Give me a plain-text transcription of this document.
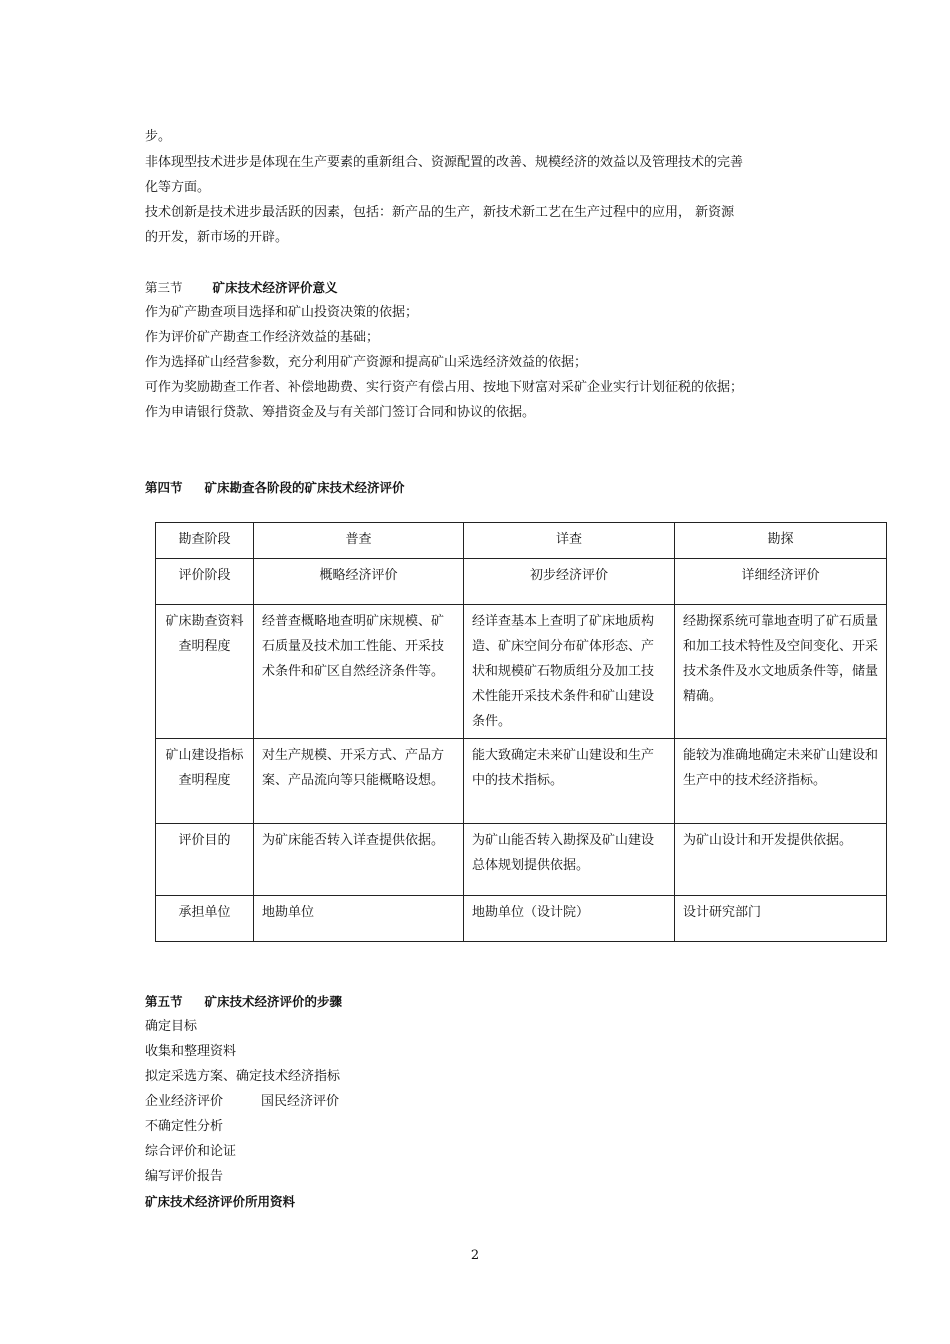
步。
非体现型技术进步是体现在生产要素的重新组合、资源配置的改善、规模经济的效益以及管理技术的完善
化等方面。
技术创新是技术进步最活跃的因素，包括：新产品的生产，新技术新工艺在生产过程中的应用， 新资源
的开发，新市场的开辟。
第三节 矿床技术经济评价意义
作为矿产勘查项目选择和矿山投资决策的依据；
作为评价矿产勘查工作经济效益的基础；
作为选择矿山经营参数，充分利用矿产资源和提高矿山采选经济效益的依据；
可作为奖励勘查工作者、补偿地勘费、实行资产有偿占用、按地下财富对采矿企业实行计划征税的依据；
作为申请银行贷款、筹措资金及与有关部门签订合同和协议的依据。
第四节 矿床勘查各阶段的矿床技术经济评价
勘查阶段	普查	详查	勘探
评价阶段	概略经济评价	初步经济评价	详细经济评价
矿床勘查资料查明程度	经普查概略地查明矿床规模、矿石质量及技术加工性能、开采技术条件和矿区自然经济条件等。	经详查基本上查明了矿床地质构造、矿床空间分布矿体形态、产状和规模矿石物质组分及加工技术性能开采技术条件和矿山建设条件。	经勘探系统可靠地查明了矿石质量和加工技术特性及空间变化、开采技术条件及水文地质条件等，储量精确。
矿山建设指标查明程度	对生产规模、开采方式、产品方案、产品流向等只能概略设想。	能大致确定未来矿山建设和生产中的技术指标。	能较为准确地确定未来矿山建设和生产中的技术经济指标。
评价目的	为矿床能否转入详查提供依据。	为矿山能否转入勘探及矿山建设总体规划提供依据。	为矿山设计和开发提供依据。
承担单位	地勘单位	地勘单位（设计院）	设计研究部门
第五节 矿床技术经济评价的步骤
确定目标
收集和整理资料
拟定采选方案、确定技术经济指标
企业经济评价	国民经济评价
不确定性分析
综合评价和论证
编写评价报告
矿床技术经济评价所用资料
2
